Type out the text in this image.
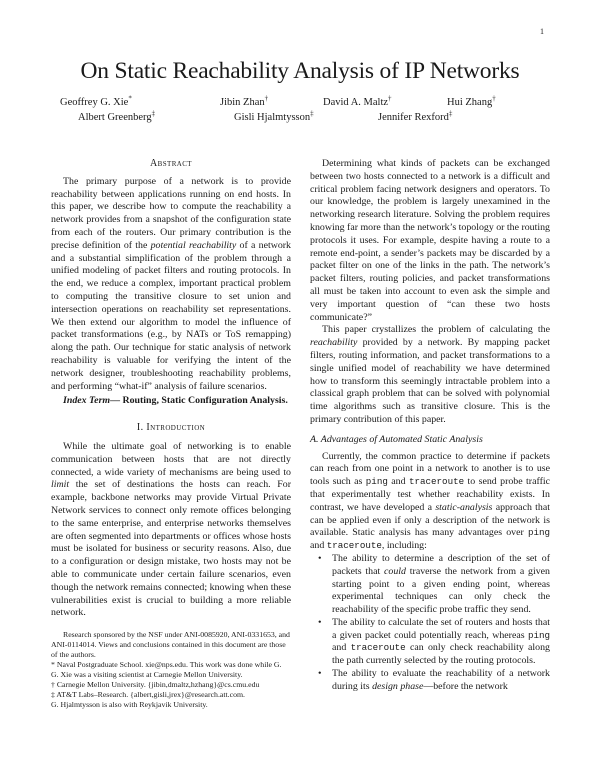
1
On Static Reachability Analysis of IP Networks
Geoffrey G. Xie*	Jibin Zhan†	David A. Maltz†	Hui Zhang†
Albert Greenberg‡	Gisli Hjalmtysson‡	Jennifer Rexford‡
Abstract

The primary purpose of a network is to provide reachability between applications running on end hosts. In this paper, we describe how to compute the reachability a network provides from a snapshot of the configuration state from each of the routers. Our primary contribution is the precise definition of the potential reachability of a network and a substantial simplification of the problem through a unified modeling of packet filters and routing protocols. In the end, we reduce a complex, important practical problem to computing the transitive closure to set union and intersection operations on reachability set representations. We then extend our algorithm to model the influence of packet transformations (e.g., by NATs or ToS remapping) along the path. Our technique for static analysis of network reachability is valuable for verifying the intent of the network designer, troubleshooting reachability problems, and performing “what-if” analysis of failure scenarios.

Index Term— Routing, Static Configuration Analysis.

I. Introduction

While the ultimate goal of networking is to enable communication between hosts that are not directly connected, a wide variety of mechanisms are being used to limit the set of destinations the hosts can reach. For example, backbone networks may provide Virtual Private Network services to connect only remote offices belonging to the same enterprise, and enterprise networks themselves are often segmented into departments or offices whose hosts must be isolated for business or security reasons. Also, due to a configuration or design mistake, two hosts may not be able to communicate under certain failure scenarios, even though the network remains connected; knowing when these vulnerabilities exist is crucial to building a more reliable network.

Research sponsored by the NSF under ANI-0085920, ANI-0331653, and ANI-0114014. Views and conclusions contained in this document are those of the authors.
* Naval Postgraduate School. xie@nps.edu. This work was done while G. G. Xie was a visiting scientist at Carnegie Mellon University.
† Carnegie Mellon University. {jibin,dmaltz,hzhang}@cs.cmu.edu
‡ AT&T Labs–Research. {albert,gisli,jrex}@research.att.com.
G. Hjalmtysson is also with Reykjavik University.

Determining what kinds of packets can be exchanged between two hosts connected to a network is a difficult and critical problem facing network designers and operators. To our knowledge, the problem is largely unexamined in the networking research literature. Solving the problem requires knowing far more than the network’s topology or the routing protocols it uses. For example, despite having a route to a remote end-point, a sender’s packets may be discarded by a packet filter on one of the links in the path. The network’s packet filters, routing policies, and packet transformations all must be taken into account to even ask the simple and very important question of “can these two hosts communicate?”

This paper crystallizes the problem of calculating the reachability provided by a network. By mapping packet filters, routing information, and packet transformations to a single unified model of reachability we have determined how to transform this seemingly intractable problem into a classical graph problem that can be solved with polynomial time algorithms such as transitive closure. This is the primary contribution of this paper.

A. Advantages of Automated Static Analysis

Currently, the common practice to determine if packets can reach from one point in a network to another is to use tools such as ping and traceroute to send probe traffic that experimentally test whether reachability exists. In contrast, we have developed a static-analysis approach that can be applied even if only a description of the network is available. Static analysis has many advantages over ping and traceroute, including:

• The ability to determine a description of the set of packets that could traverse the network from a given starting point to a given ending point, whereas experimental techniques can only check the reachability of the specific probe traffic they send.
• The ability to calculate the set of routers and hosts that a given packet could potentially reach, whereas ping and traceroute can only check reachability along the path currently selected by the routing protocols.
• The ability to evaluate the reachability of a network during its design phase—before the network
